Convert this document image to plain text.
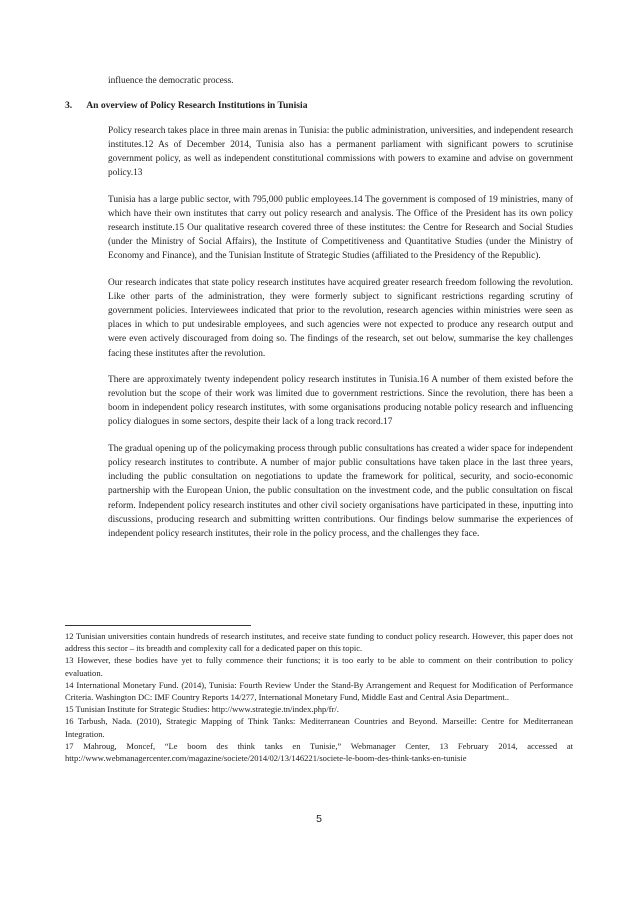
influence the democratic process.
3. An overview of Policy Research Institutions in Tunisia

Policy research takes place in three main arenas in Tunisia: the public administration, universities, and independent research institutes.12 As of December 2014, Tunisia also has a permanent parliament with significant powers to scrutinise government policy, as well as independent constitutional commissions with powers to examine and advise on government policy.13

Tunisia has a large public sector, with 795,000 public employees.14 The government is composed of 19 ministries, many of which have their own institutes that carry out policy research and analysis. The Office of the President has its own policy research institute.15 Our qualitative research covered three of these institutes: the Centre for Research and Social Studies (under the Ministry of Social Affairs), the Institute of Competitiveness and Quantitative Studies (under the Ministry of Economy and Finance), and the Tunisian Institute of Strategic Studies (affiliated to the Presidency of the Republic).

Our research indicates that state policy research institutes have acquired greater research freedom following the revolution. Like other parts of the administration, they were formerly subject to significant restrictions regarding scrutiny of government policies. Interviewees indicated that prior to the revolution, research agencies within ministries were seen as places in which to put undesirable employees, and such agencies were not expected to produce any research output and were even actively discouraged from doing so. The findings of the research, set out below, summarise the key challenges facing these institutes after the revolution.

There are approximately twenty independent policy research institutes in Tunisia.16 A number of them existed before the revolution but the scope of their work was limited due to government restrictions. Since the revolution, there has been a boom in independent policy research institutes, with some organisations producing notable policy research and influencing policy dialogues in some sectors, despite their lack of a long track record.17

The gradual opening up of the policymaking process through public consultations has created a wider space for independent policy research institutes to contribute. A number of major public consultations have taken place in the last three years, including the public consultation on negotiations to update the framework for political, security, and socio-economic partnership with the European Union, the public consultation on the investment code, and the public consultation on fiscal reform. Independent policy research institutes and other civil society organisations have participated in these, inputting into discussions, producing research and submitting written contributions. Our findings below summarise the experiences of independent policy research institutes, their role in the policy process, and the challenges they face.

12 Tunisian universities contain hundreds of research institutes, and receive state funding to conduct policy research. However, this paper does not address this sector – its breadth and complexity call for a dedicated paper on this topic.

13 However, these bodies have yet to fully commence their functions; it is too early to be able to comment on their contribution to policy evaluation.

14 International Monetary Fund. (2014), Tunisia: Fourth Review Under the Stand-By Arrangement and Request for Modification of Performance Criteria. Washington DC: IMF Country Reports 14/277, International Monetary Fund, Middle East and Central Asia Department..

15 Tunisian Institute for Strategic Studies: http://www.strategie.tn/index.php/fr/.

16 Tarbush, Nada. (2010), Strategic Mapping of Think Tanks: Mediterranean Countries and Beyond. Marseille: Centre for Mediterranean Integration.

17 Mahroug, Moncef, “Le boom des think tanks en Tunisie,” Webmanager Center, 13 February 2014, accessed at http://www.webmanagercenter.com/magazine/societe/2014/02/13/146221/societe-le-boom-des-think-tanks-en-tunisie

5
